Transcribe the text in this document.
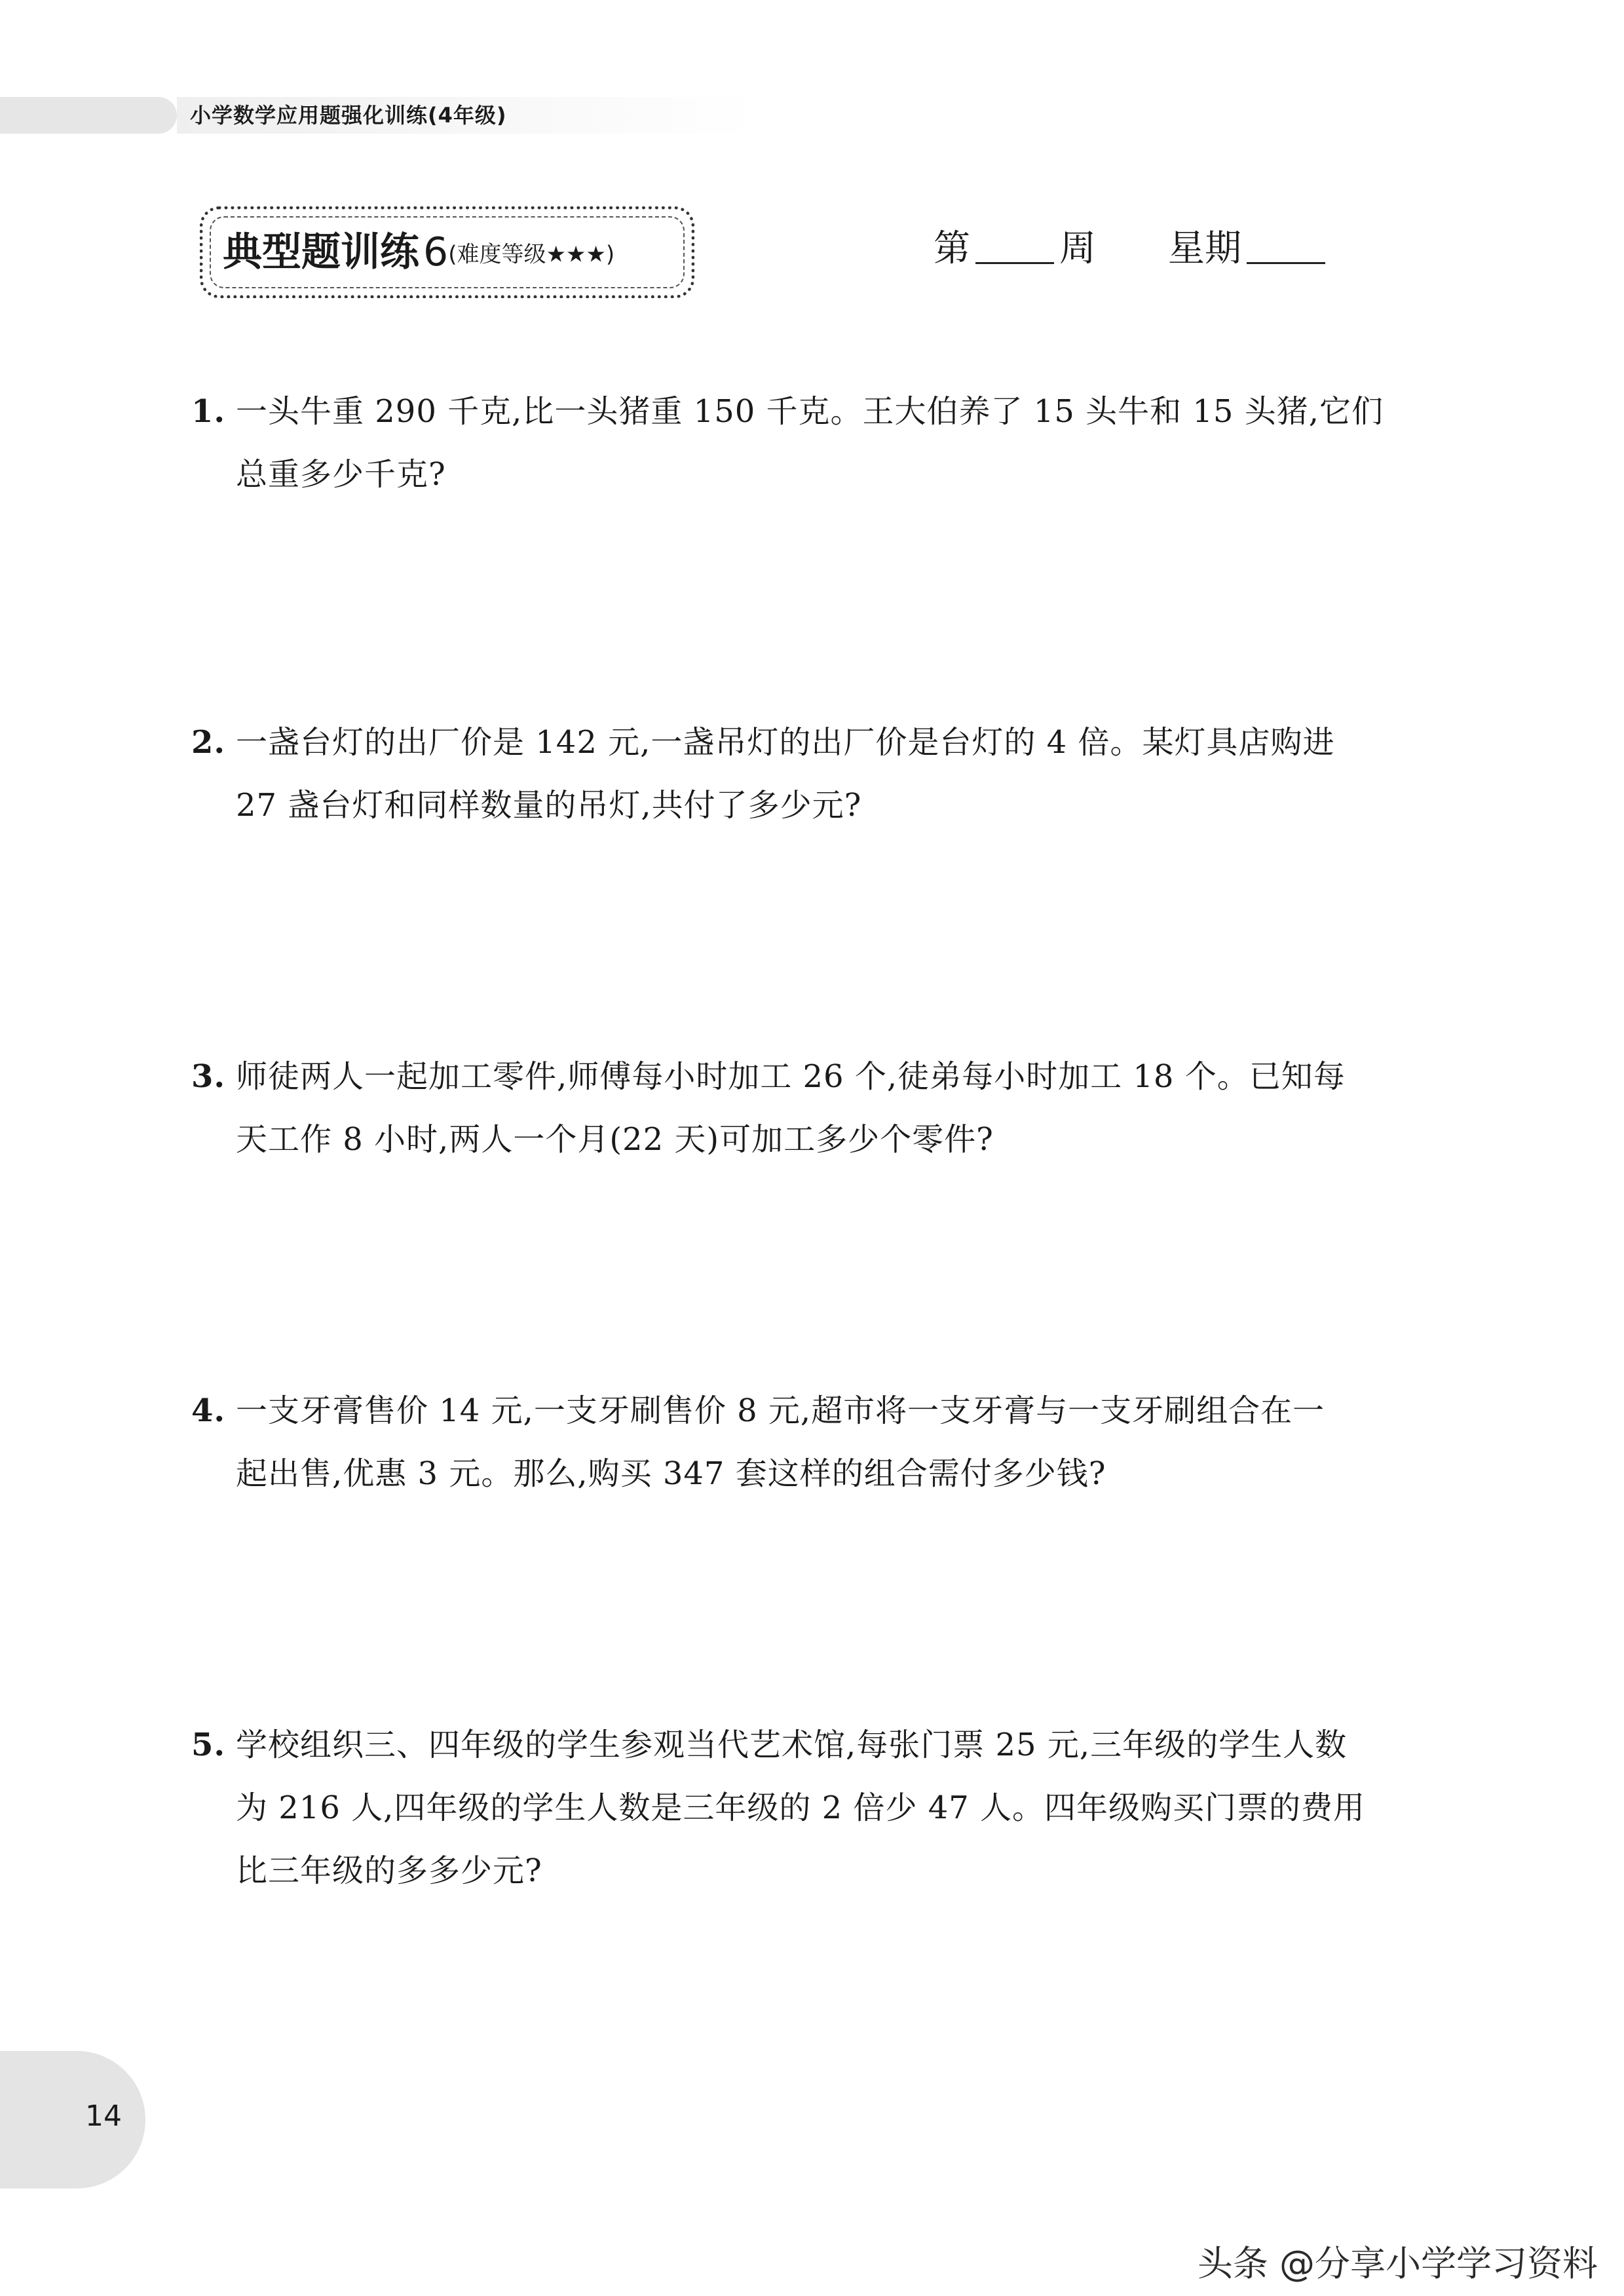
小学数学应用题强化训练(4年级)
典型题训练 6(难度等级★★★)	第 周 星期
1. 一头牛重 290 千克,比一头猪重 150 千克。王大伯养了 15 头牛和 15 头猪,它们
总重多少千克?
2. 一盏台灯的出厂价是 142 元,一盏吊灯的出厂价是台灯的 4 倍。某灯具店购进
27 盏台灯和同样数量的吊灯,共付了多少元?
3. 师徒两人一起加工零件,师傅每小时加工 26 个,徒弟每小时加工 18 个。已知每
天工作 8 小时,两人一个月(22 天)可加工多少个零件?
4. 一支牙膏售价 14 元,一支牙刷售价 8 元,超市将一支牙膏与一支牙刷组合在一
起出售,优惠 3 元。那么,购买 347 套这样的组合需付多少钱?
5. 学校组织三、四年级的学生参观当代艺术馆,每张门票 25 元,三年级的学生人数
为 216 人,四年级的学生人数是三年级的 2 倍少 47 人。四年级购买门票的费用
比三年级的多多少元?
14
头条 @分享小学学习资料
